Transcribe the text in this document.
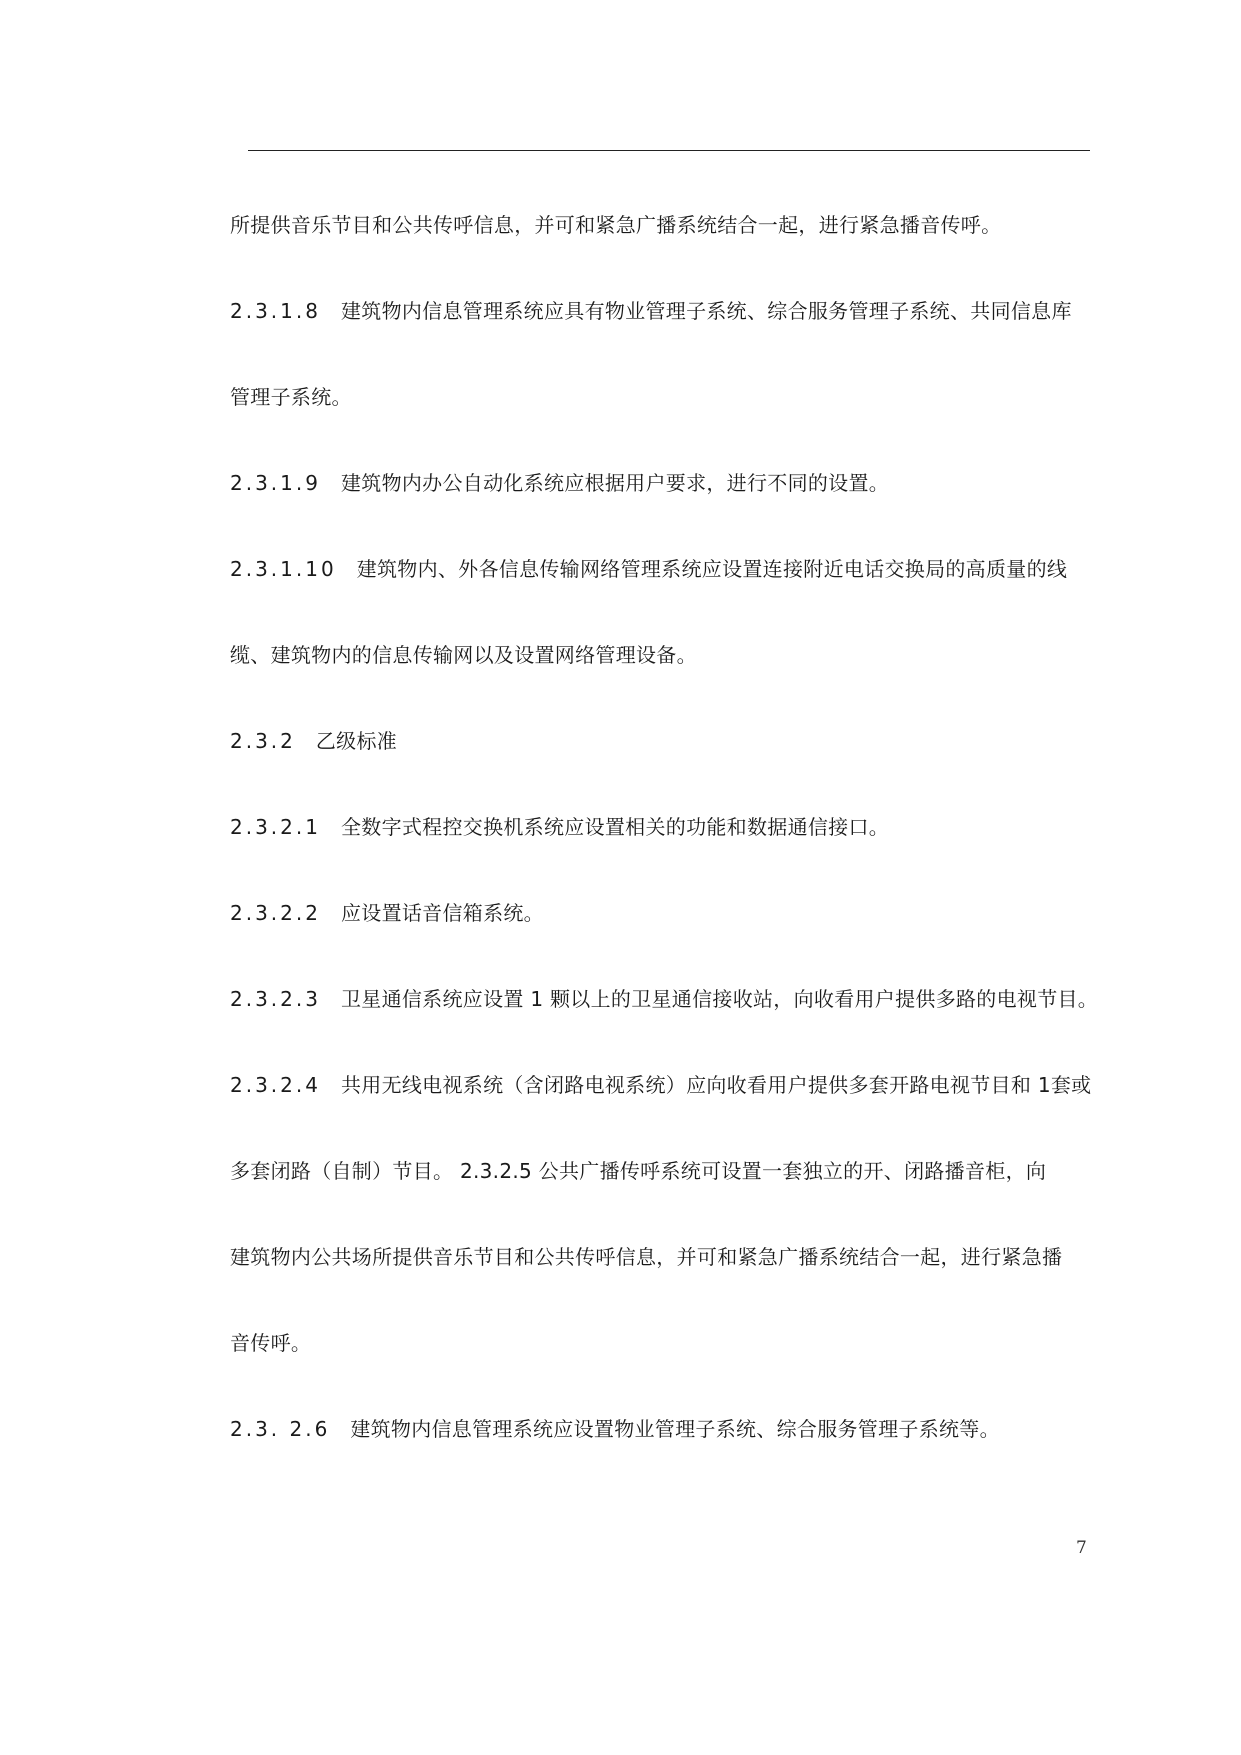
所提供音乐节目和公共传呼信息，并可和紧急广播系统结合一起，进行紧急播音传呼。
2.3.1.8 建筑物内信息管理系统应具有物业管理子系统、综合服务管理子系统、共同信息库
管理子系统。
2.3.1.9 建筑物内办公自动化系统应根据用户要求，进行不同的设置。
2.3.1.10 建筑物内、外各信息传输网络管理系统应设置连接附近电话交换局的高质量的线
缆、建筑物内的信息传输网以及设置网络管理设备。
2.3.2 乙级标准
2.3.2.1 全数字式程控交换机系统应设置相关的功能和数据通信接口。
2.3.2.2 应设置话音信箱系统。
2.3.2.3 卫星通信系统应设置 1 颗以上的卫星通信接收站，向收看用户提供多路的电视节目。
2.3.2.4 共用无线电视系统（含闭路电视系统）应向收看用户提供多套开路电视节目和 1套或
多套闭路（自制）节目。 2.3.2.5 公共广播传呼系统可设置一套独立的开、闭路播音柜，向
建筑物内公共场所提供音乐节目和公共传呼信息，并可和紧急广播系统结合一起，进行紧急播
音传呼。
2.3. 2.6 建筑物内信息管理系统应设置物业管理子系统、综合服务管理子系统等。
7
